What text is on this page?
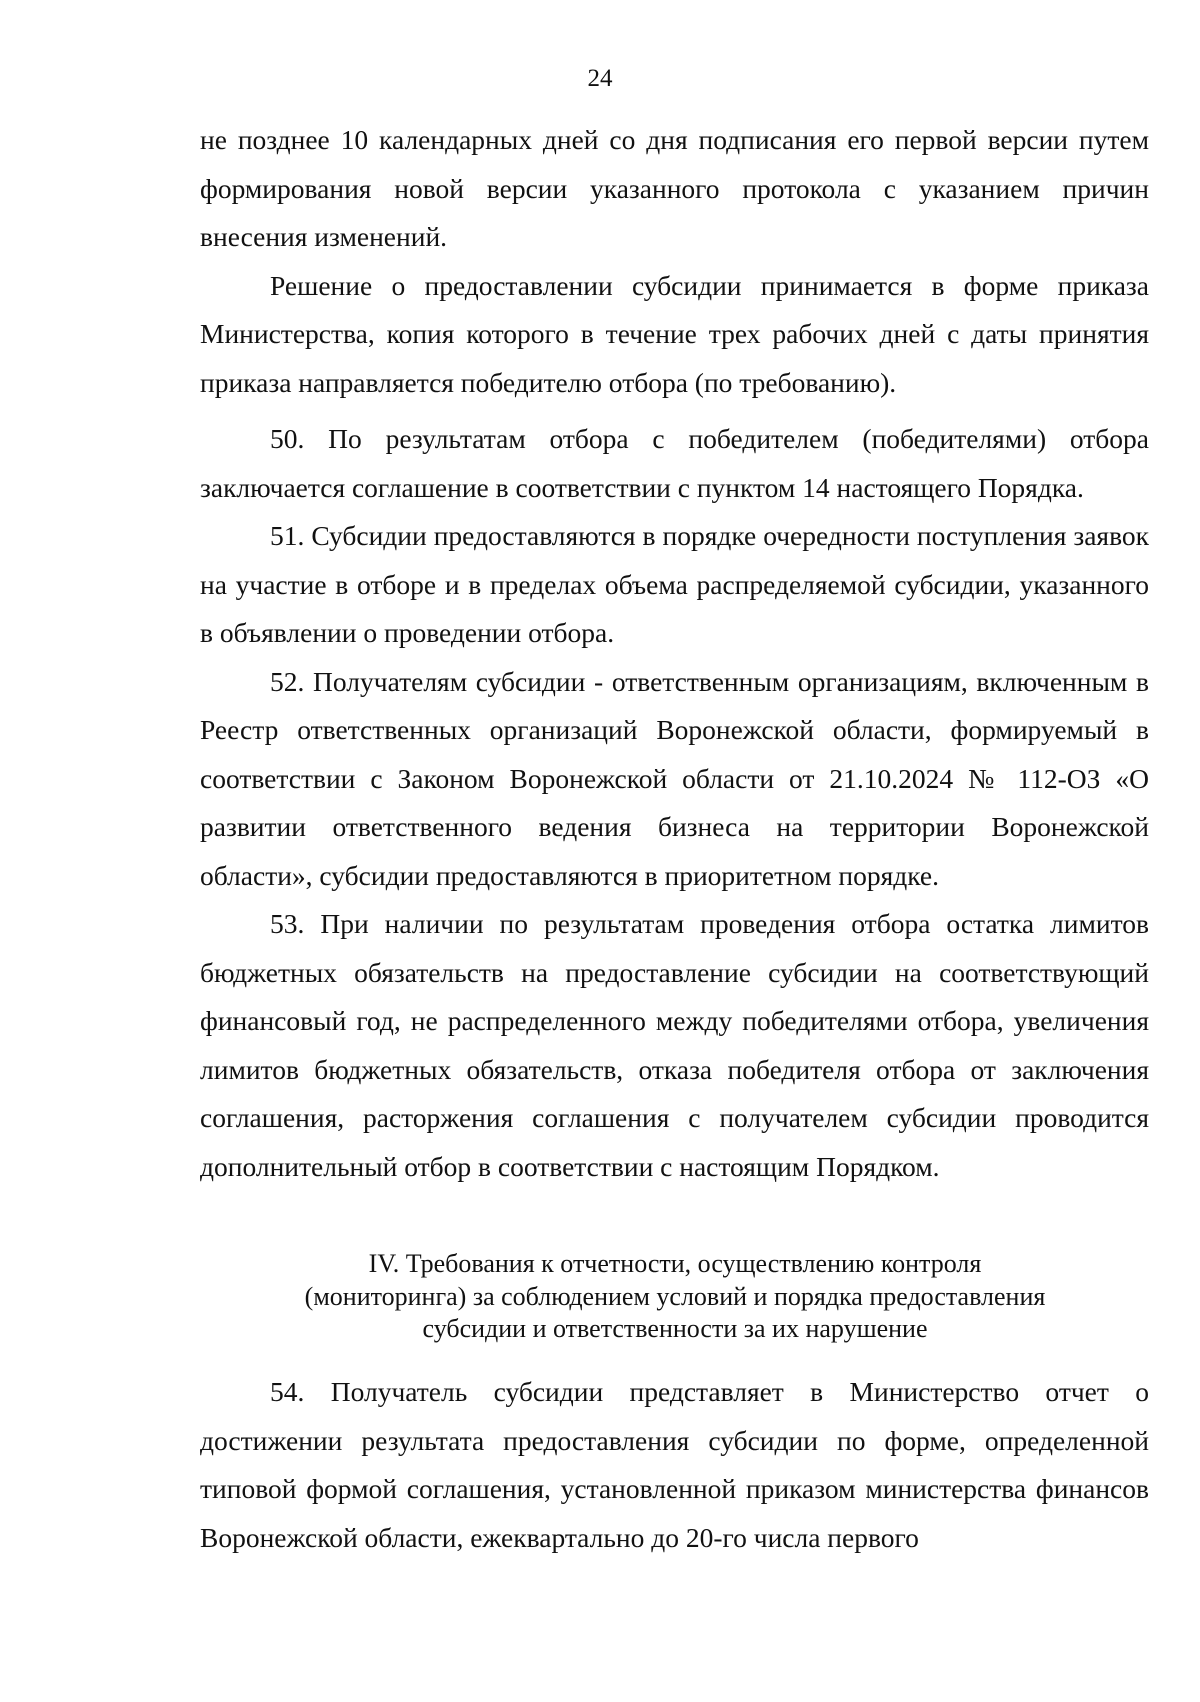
24

не позднее 10 календарных дней со дня подписания его первой версии путем формирования новой версии указанного протокола с указанием причин внесения изменений.

Решение о предоставлении субсидии принимается в форме приказа Министерства, копия которого в течение трех рабочих дней с даты принятия приказа направляется победителю отбора (по требованию).

50. По результатам отбора с победителем (победителями) отбора заключается соглашение в соответствии с пунктом 14 настоящего Порядка.

51. Субсидии предоставляются в порядке очередности поступления заявок на участие в отборе и в пределах объема распределяемой субсидии, указанного в объявлении о проведении отбора.

52. Получателям субсидии - ответственным организациям, включенным в Реестр ответственных организаций Воронежской области, формируемый в соответствии с Законом Воронежской области от 21.10.2024 № 112-ОЗ «О развитии ответственного ведения бизнеса на территории Воронежской области», субсидии предоставляются в приоритетном порядке.

53. При наличии по результатам проведения отбора остатка лимитов бюджетных обязательств на предоставление субсидии на соответствующий финансовый год, не распределенного между победителями отбора, увеличения лимитов бюджетных обязательств, отказа победителя отбора от заключения соглашения, расторжения соглашения с получателем субсидии проводится дополнительный отбор в соответствии с настоящим Порядком.

IV. Требования к отчетности, осуществлению контроля
(мониторинга) за соблюдением условий и порядка предоставления
субсидии и ответственности за их нарушение

54. Получатель субсидии представляет в Министерство отчет о достижении результата предоставления субсидии по форме, определенной типовой формой соглашения, установленной приказом министерства финансов Воронежской области, ежеквартально до 20-го числа первого
